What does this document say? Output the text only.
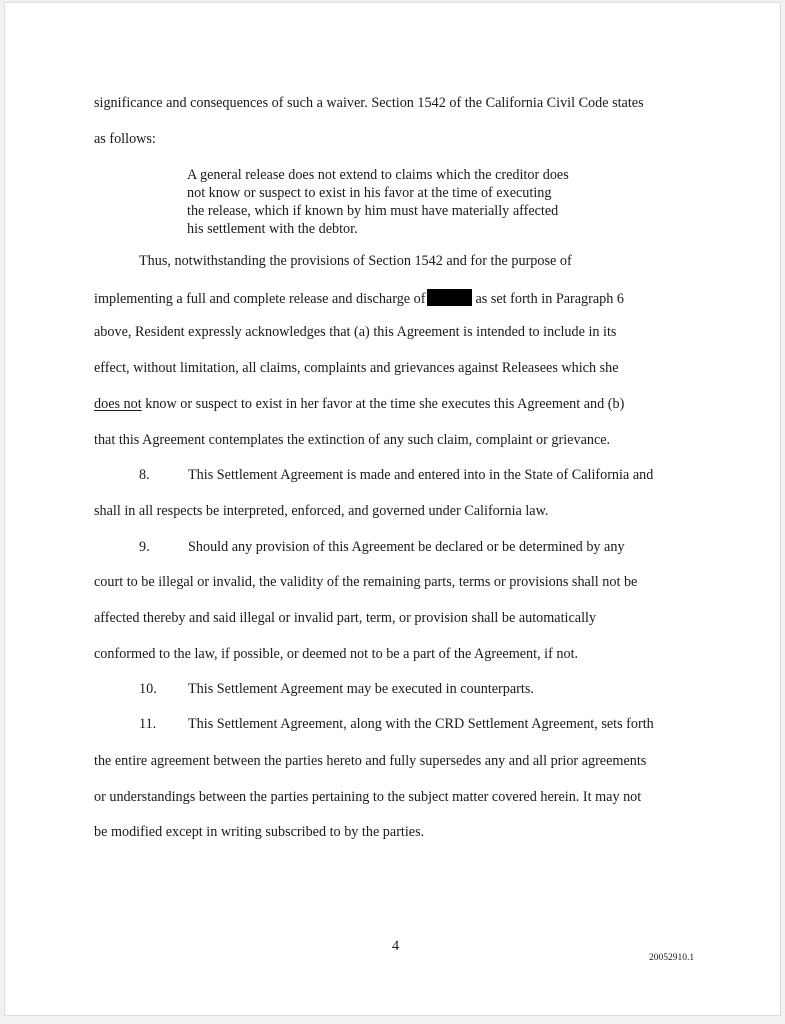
significance and consequences of such a waiver. Section 1542 of the California Civil Code states
as follows:
A general release does not extend to claims which the creditor does
not know or suspect to exist in his favor at the time of executing
the release, which if known by him must have materially affected
his settlement with the debtor.
Thus, notwithstanding the provisions of Section 1542 and for the purpose of
implementing a full and complete release and discharge of	as set forth in Paragraph 6
above, Resident expressly acknowledges that (a) this Agreement is intended to include in its
effect, without limitation, all claims, complaints and grievances against Releasees which she
does not know or suspect to exist in her favor at the time she executes this Agreement and (b)
that this Agreement contemplates the extinction of any such claim, complaint or grievance.
8.	This Settlement Agreement is made and entered into in the State of California and
shall in all respects be interpreted, enforced, and governed under California law.
9.	Should any provision of this Agreement be declared or be determined by any
court to be illegal or invalid, the validity of the remaining parts, terms or provisions shall not be
affected thereby and said illegal or invalid part, term, or provision shall be automatically
conformed to the law, if possible, or deemed not to be a part of the Agreement, if not.
10. This Settlement Agreement may be executed in counterparts.
11. This Settlement Agreement, along with the CRD Settlement Agreement, sets forth
the entire agreement between the parties hereto and fully supersedes any and all prior agreements
or understandings between the parties pertaining to the subject matter covered herein. It may not
be modified except in writing subscribed to by the parties.
4
20052910.1
